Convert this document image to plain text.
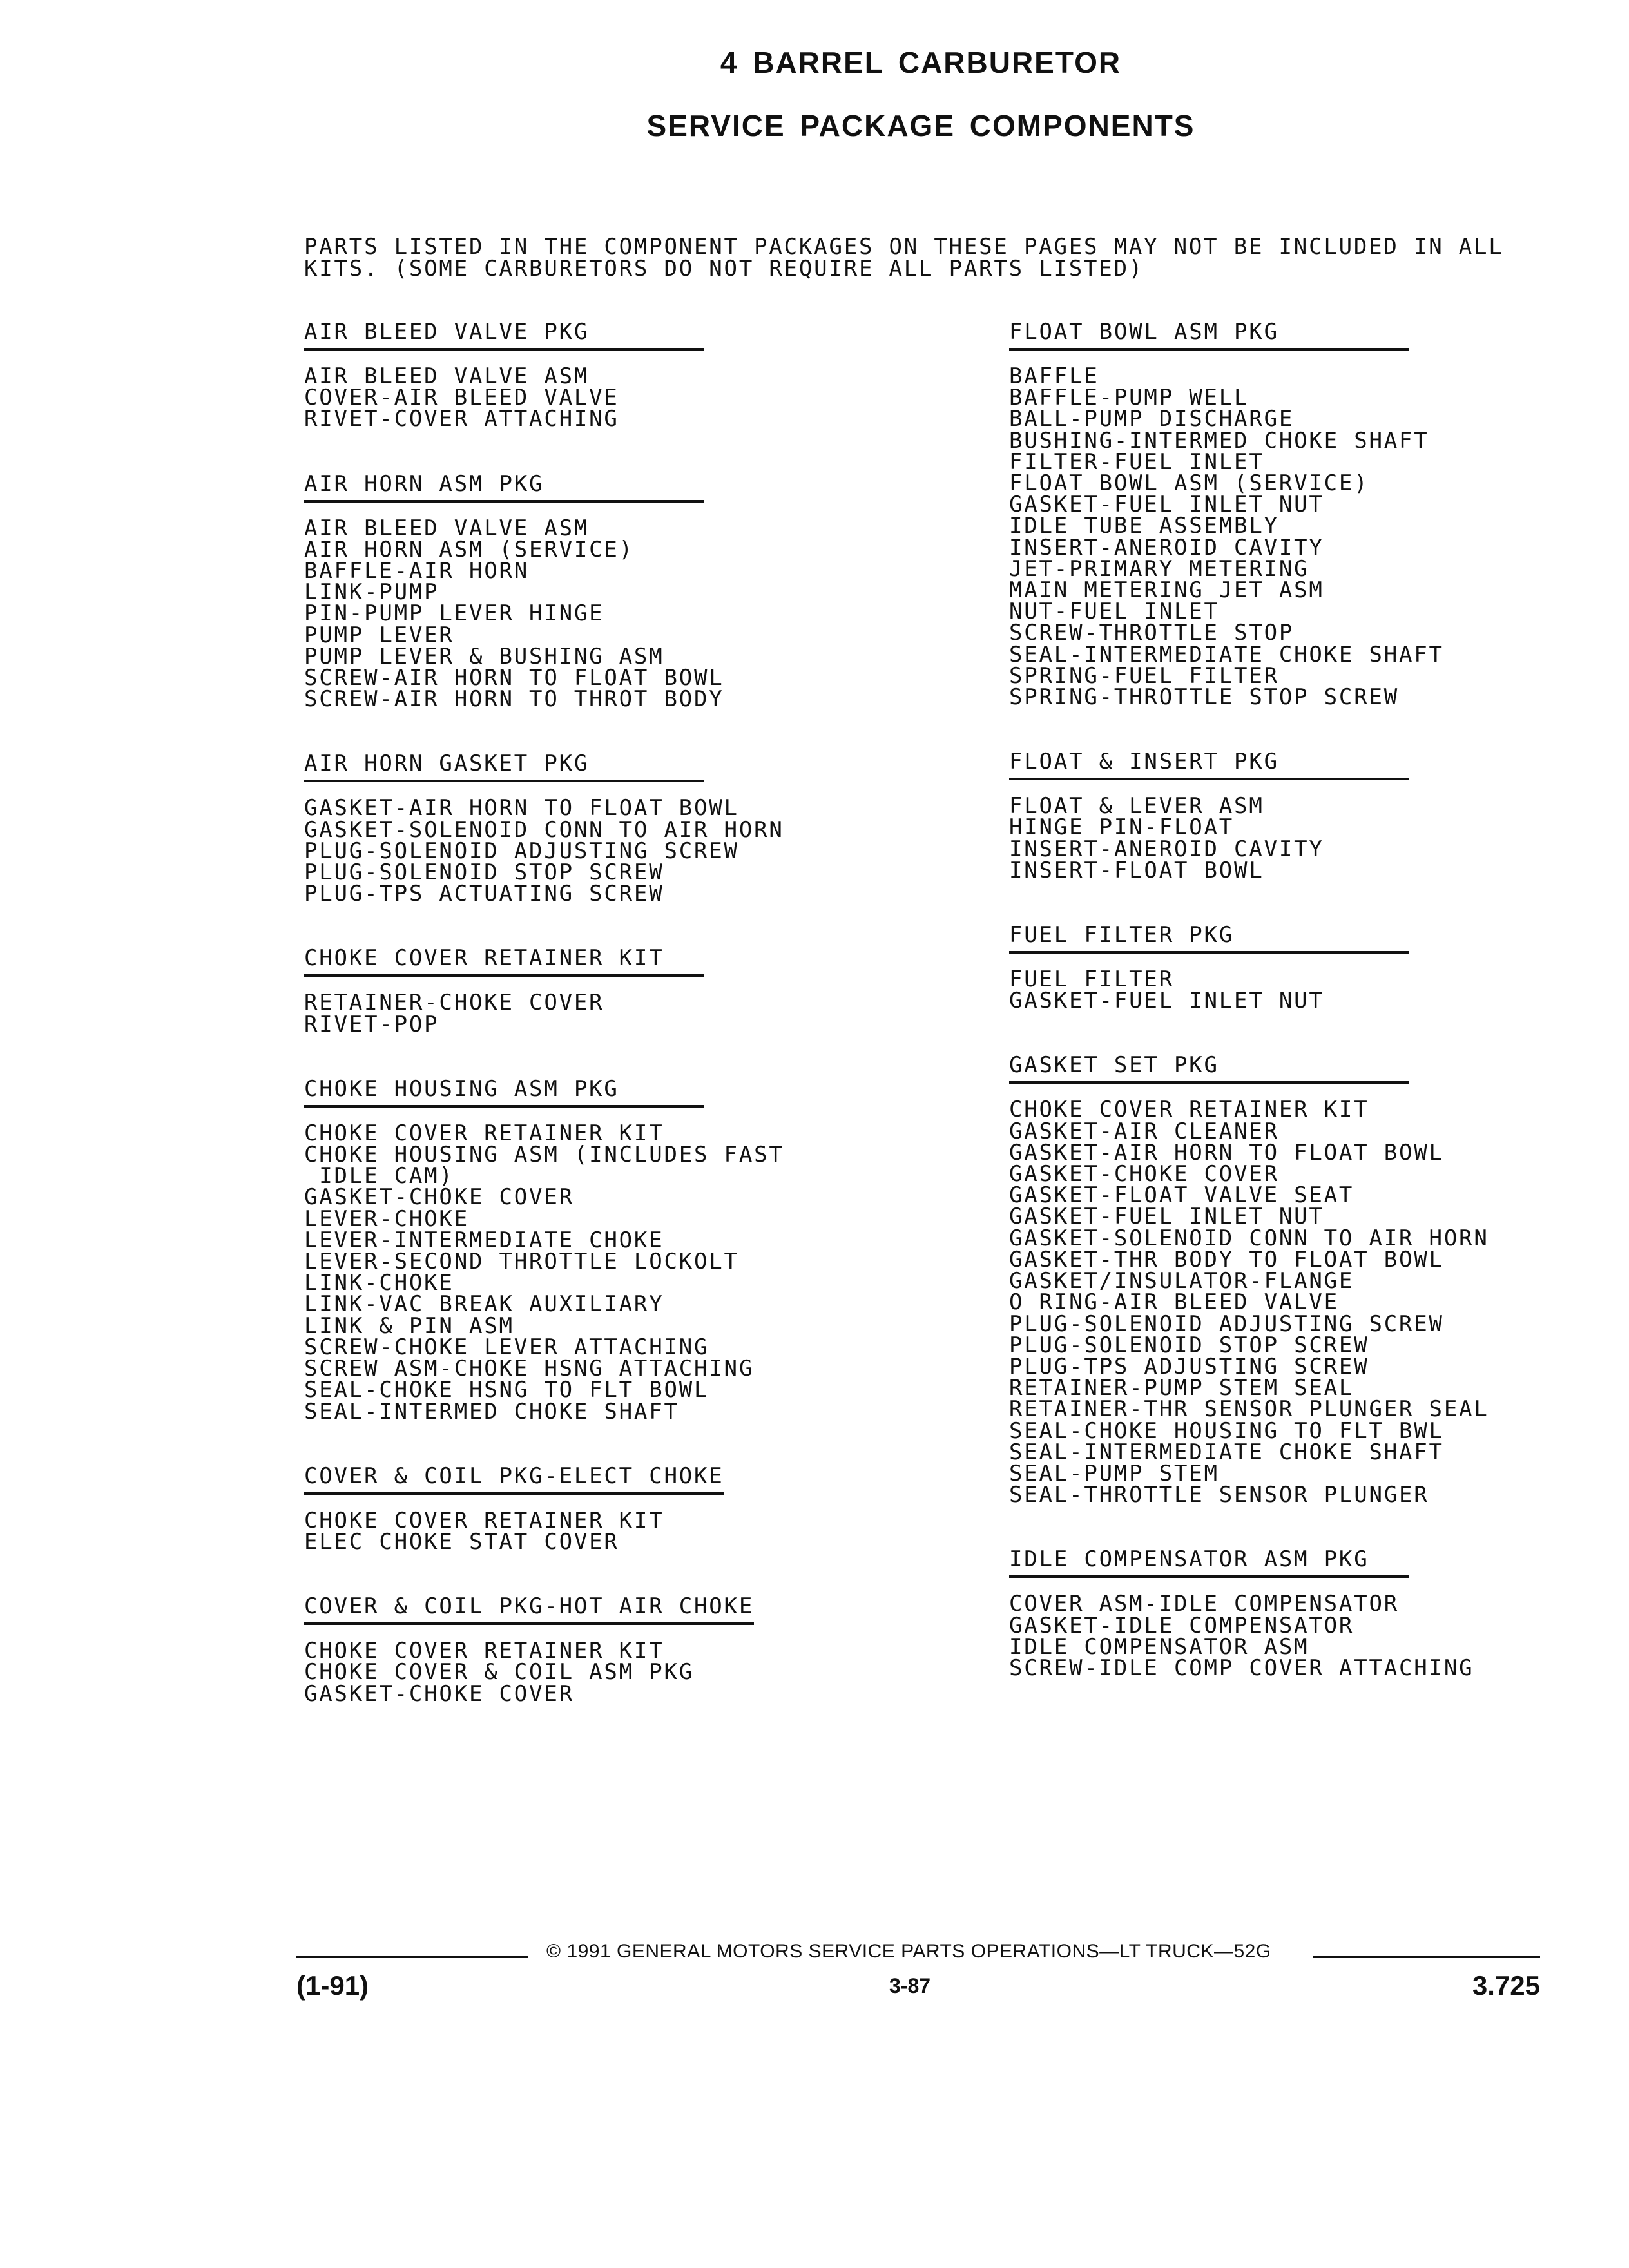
4 BARREL CARBURETOR
SERVICE PACKAGE COMPONENTS

PARTS LISTED IN THE COMPONENT PACKAGES ON THESE PAGES MAY NOT BE INCLUDED IN ALL
KITS. (SOME CARBURETORS DO NOT REQUIRE ALL PARTS LISTED)

AIR BLEED VALVE PKG
AIR BLEED VALVE ASM
COVER-AIR BLEED VALVE
RIVET-COVER ATTACHING
AIR HORN ASM PKG
AIR BLEED VALVE ASM
AIR HORN ASM (SERVICE)
BAFFLE-AIR HORN
LINK-PUMP
PIN-PUMP LEVER HINGE
PUMP LEVER
PUMP LEVER & BUSHING ASM
SCREW-AIR HORN TO FLOAT BOWL
SCREW-AIR HORN TO THROT BODY
AIR HORN GASKET PKG
GASKET-AIR HORN TO FLOAT BOWL
GASKET-SOLENOID CONN TO AIR HORN
PLUG-SOLENOID ADJUSTING SCREW
PLUG-SOLENOID STOP SCREW
PLUG-TPS ACTUATING SCREW
CHOKE COVER RETAINER KIT
RETAINER-CHOKE COVER
RIVET-POP
CHOKE HOUSING ASM PKG
CHOKE COVER RETAINER KIT
CHOKE HOUSING ASM (INCLUDES FAST
IDLE CAM)
GASKET-CHOKE COVER
LEVER-CHOKE
LEVER-INTERMEDIATE CHOKE
LEVER-SECOND THROTTLE LOCKOLT
LINK-CHOKE
LINK-VAC BREAK AUXILIARY
LINK & PIN ASM
SCREW-CHOKE LEVER ATTACHING
SCREW ASM-CHOKE HSNG ATTACHING
SEAL-CHOKE HSNG TO FLT BOWL
SEAL-INTERMED CHOKE SHAFT
COVER & COIL PKG-ELECT CHOKE
CHOKE COVER RETAINER KIT
ELEC CHOKE STAT COVER
COVER & COIL PKG-HOT AIR CHOKE
CHOKE COVER RETAINER KIT
CHOKE COVER & COIL ASM PKG
GASKET-CHOKE COVER
FLOAT BOWL ASM PKG
BAFFLE
BAFFLE-PUMP WELL
BALL-PUMP DISCHARGE
BUSHING-INTERMED CHOKE SHAFT
FILTER-FUEL INLET
FLOAT BOWL ASM (SERVICE)
GASKET-FUEL INLET NUT
IDLE TUBE ASSEMBLY
INSERT-ANEROID CAVITY
JET-PRIMARY METERING
MAIN METERING JET ASM
NUT-FUEL INLET
SCREW-THROTTLE STOP
SEAL-INTERMEDIATE CHOKE SHAFT
SPRING-FUEL FILTER
SPRING-THROTTLE STOP SCREW
FLOAT & INSERT PKG
FLOAT & LEVER ASM
HINGE PIN-FLOAT
INSERT-ANEROID CAVITY
INSERT-FLOAT BOWL
FUEL FILTER PKG
FUEL FILTER
GASKET-FUEL INLET NUT
GASKET SET PKG
CHOKE COVER RETAINER KIT
GASKET-AIR CLEANER
GASKET-AIR HORN TO FLOAT BOWL
GASKET-CHOKE COVER
GASKET-FLOAT VALVE SEAT
GASKET-FUEL INLET NUT
GASKET-SOLENOID CONN TO AIR HORN
GASKET-THR BODY TO FLOAT BOWL
GASKET/INSULATOR-FLANGE
O RING-AIR BLEED VALVE
PLUG-SOLENOID ADJUSTING SCREW
PLUG-SOLENOID STOP SCREW
PLUG-TPS ADJUSTING SCREW
RETAINER-PUMP STEM SEAL
RETAINER-THR SENSOR PLUNGER SEAL
SEAL-CHOKE HOUSING TO FLT BWL
SEAL-INTERMEDIATE CHOKE SHAFT
SEAL-PUMP STEM
SEAL-THROTTLE SENSOR PLUNGER
IDLE COMPENSATOR ASM PKG
COVER ASM-IDLE COMPENSATOR
GASKET-IDLE COMPENSATOR
IDLE COMPENSATOR ASM
SCREW-IDLE COMP COVER ATTACHING
© 1991 GENERAL MOTORS SERVICE PARTS OPERATIONS—LT TRUCK—52G
(1-91)	3-87	3.725
